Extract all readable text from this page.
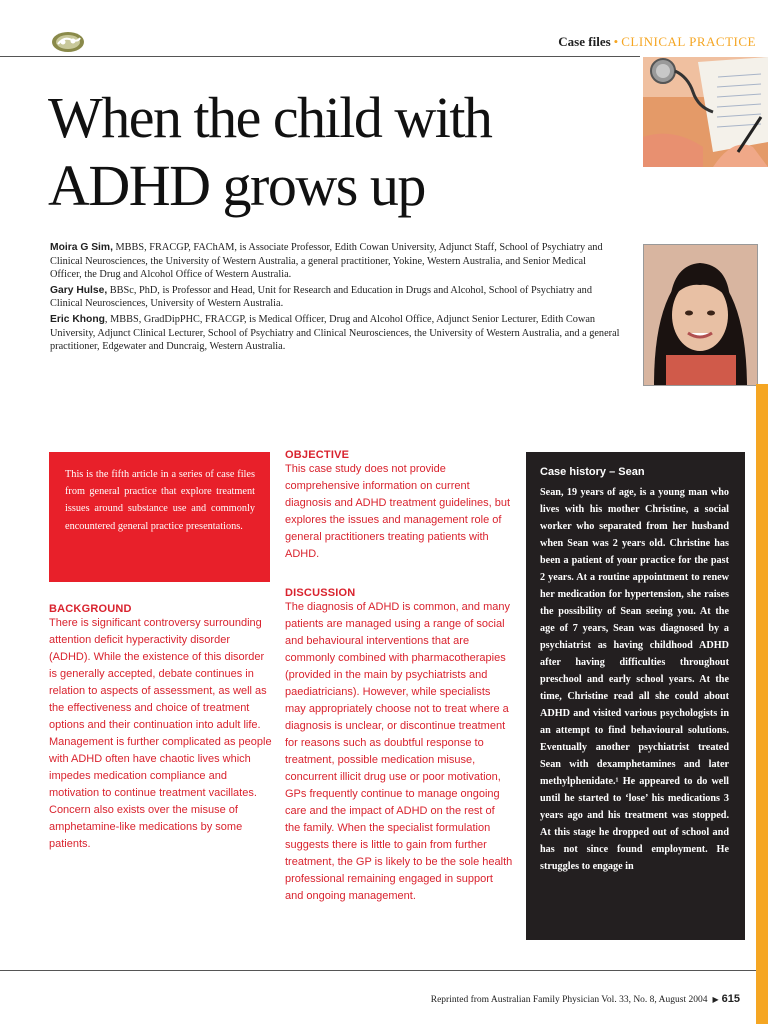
Case files • CLINICAL PRACTICE
When the child with
ADHD grows up

Moira G Sim, MBBS, FRACGP, FAChAM, is Associate Professor, Edith Cowan University, Adjunct Staff, School of Psychiatry and Clinical Neurosciences, the University of Western Australia, a general practitioner, Yokine, Western Australia, and Senior Medical Officer, the Drug and Alcohol Office of Western Australia.

Gary Hulse, BBSc, PhD, is Professor and Head, Unit for Research and Education in Drugs and Alcohol, School of Psychiatry and Clinical Neurosciences, University of Western Australia.

Eric Khong, MBBS, GradDipPHC, FRACGP, is Medical Officer, Drug and Alcohol Office, Adjunct Senior Lecturer, Edith Cowan University, Adjunct Clinical Lecturer, School of Psychiatry and Clinical Neurosciences, the University of Western Australia, and a general practitioner, Edgewater and Duncraig, Western Australia.

This is the fifth article in a series of case files from general practice that explore treatment issues around substance use and commonly encountered general practice presentations.

BACKGROUND

There is significant controversy surrounding attention deficit hyperactivity disorder (ADHD). While the existence of this disorder is generally accepted, debate continues in relation to aspects of assessment, as well as the effectiveness and choice of treatment options and their continuation into adult life. Management is further complicated as people with ADHD often have chaotic lives which impedes medication compliance and motivation to continue treatment vacillates. Concern also exists over the misuse of amphetamine-like medications by some patients.

OBJECTIVE

This case study does not provide comprehensive information on current diagnosis and ADHD treatment guidelines, but explores the issues and management role of general practitioners treating patients with ADHD.

DISCUSSION

The diagnosis of ADHD is common, and many patients are managed using a range of social and behavioural interventions that are commonly combined with pharmacotherapies (provided in the main by psychiatrists and paediatricians). However, while specialists may appropriately choose not to treat where a diagnosis is unclear, or discontinue treatment for reasons such as doubtful response to treatment, possible medication misuse, concurrent illicit drug use or poor motivation, GPs frequently continue to manage ongoing care and the impact of ADHD on the rest of the family. When the specialist formulation suggests there is little to gain from further treatment, the GP is likely to be the sole health professional remaining engaged in support and ongoing management.

Case history – Sean

Sean, 19 years of age, is a young man who lives with his mother Christine, a social worker who separated from her husband when Sean was 2 years old. Christine has been a patient of your practice for the past 2 years. At a routine appointment to renew her medication for hypertension, she raises the possibility of Sean seeing you. At the age of 7 years, Sean was diagnosed by a psychiatrist as having childhood ADHD after having difficulties throughout preschool and early school years. At the time, Christine read all she could about ADHD and visited various psychologists in an attempt to find behavioural solutions. Eventually another psychiatrist treated Sean with dexamphetamines and later methylphenidate.¹ He appeared to do well until he started to ‘lose’ his medications 3 years ago and his treatment was stopped. At this stage he dropped out of school and has not since found employment. He struggles to engage in

Reprinted from Australian Family Physician Vol. 33, No. 8, August 2004 ▶ 615
